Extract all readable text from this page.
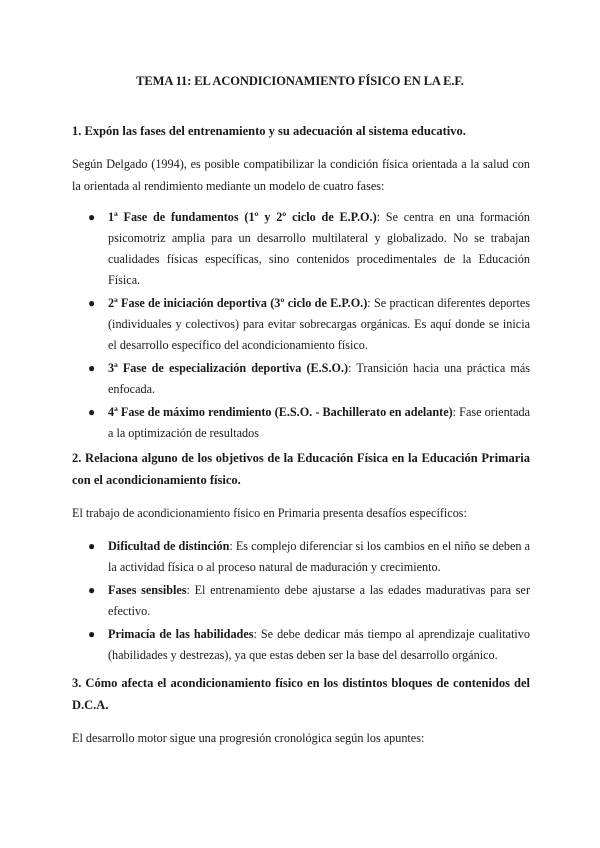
TEMA 11: EL ACONDICIONAMIENTO FÍSICO EN LA E.F.
1. Expón las fases del entrenamiento y su adecuación al sistema educativo.
Según Delgado (1994), es posible compatibilizar la condición física orientada a la salud con la orientada al rendimiento mediante un modelo de cuatro fases:
● 1ª Fase de fundamentos (1º y 2º ciclo de E.P.O.): Se centra en una formación psicomotriz amplia para un desarrollo multilateral y globalizado. No se trabajan cualidades físicas específicas, sino contenidos procedimentales de la Educación Física.
● 2ª Fase de iniciación deportiva (3º ciclo de E.P.O.): Se practican diferentes deportes (individuales y colectivos) para evitar sobrecargas orgánicas. Es aquí donde se inicia el desarrollo específico del acondicionamiento físico.
● 3ª Fase de especialización deportiva (E.S.O.): Transición hacia una práctica más enfocada.
● 4ª Fase de máximo rendimiento (E.S.O. - Bachillerato en adelante): Fase orientada a la optimización de resultados
2. Relaciona alguno de los objetivos de la Educación Física en la Educación Primaria con el acondicionamiento físico.
El trabajo de acondicionamiento físico en Primaria presenta desafíos específicos:
● Dificultad de distinción: Es complejo diferenciar si los cambios en el niño se deben a la actividad física o al proceso natural de maduración y crecimiento.
● Fases sensibles: El entrenamiento debe ajustarse a las edades madurativas para ser efectivo.
● Primacía de las habilidades: Se debe dedicar más tiempo al aprendizaje cualitativo (habilidades y destrezas), ya que estas deben ser la base del desarrollo orgánico.
3. Cómo afecta el acondicionamiento físico en los distintos bloques de contenidos del D.C.A.
El desarrollo motor sigue una progresión cronológica según los apuntes:
